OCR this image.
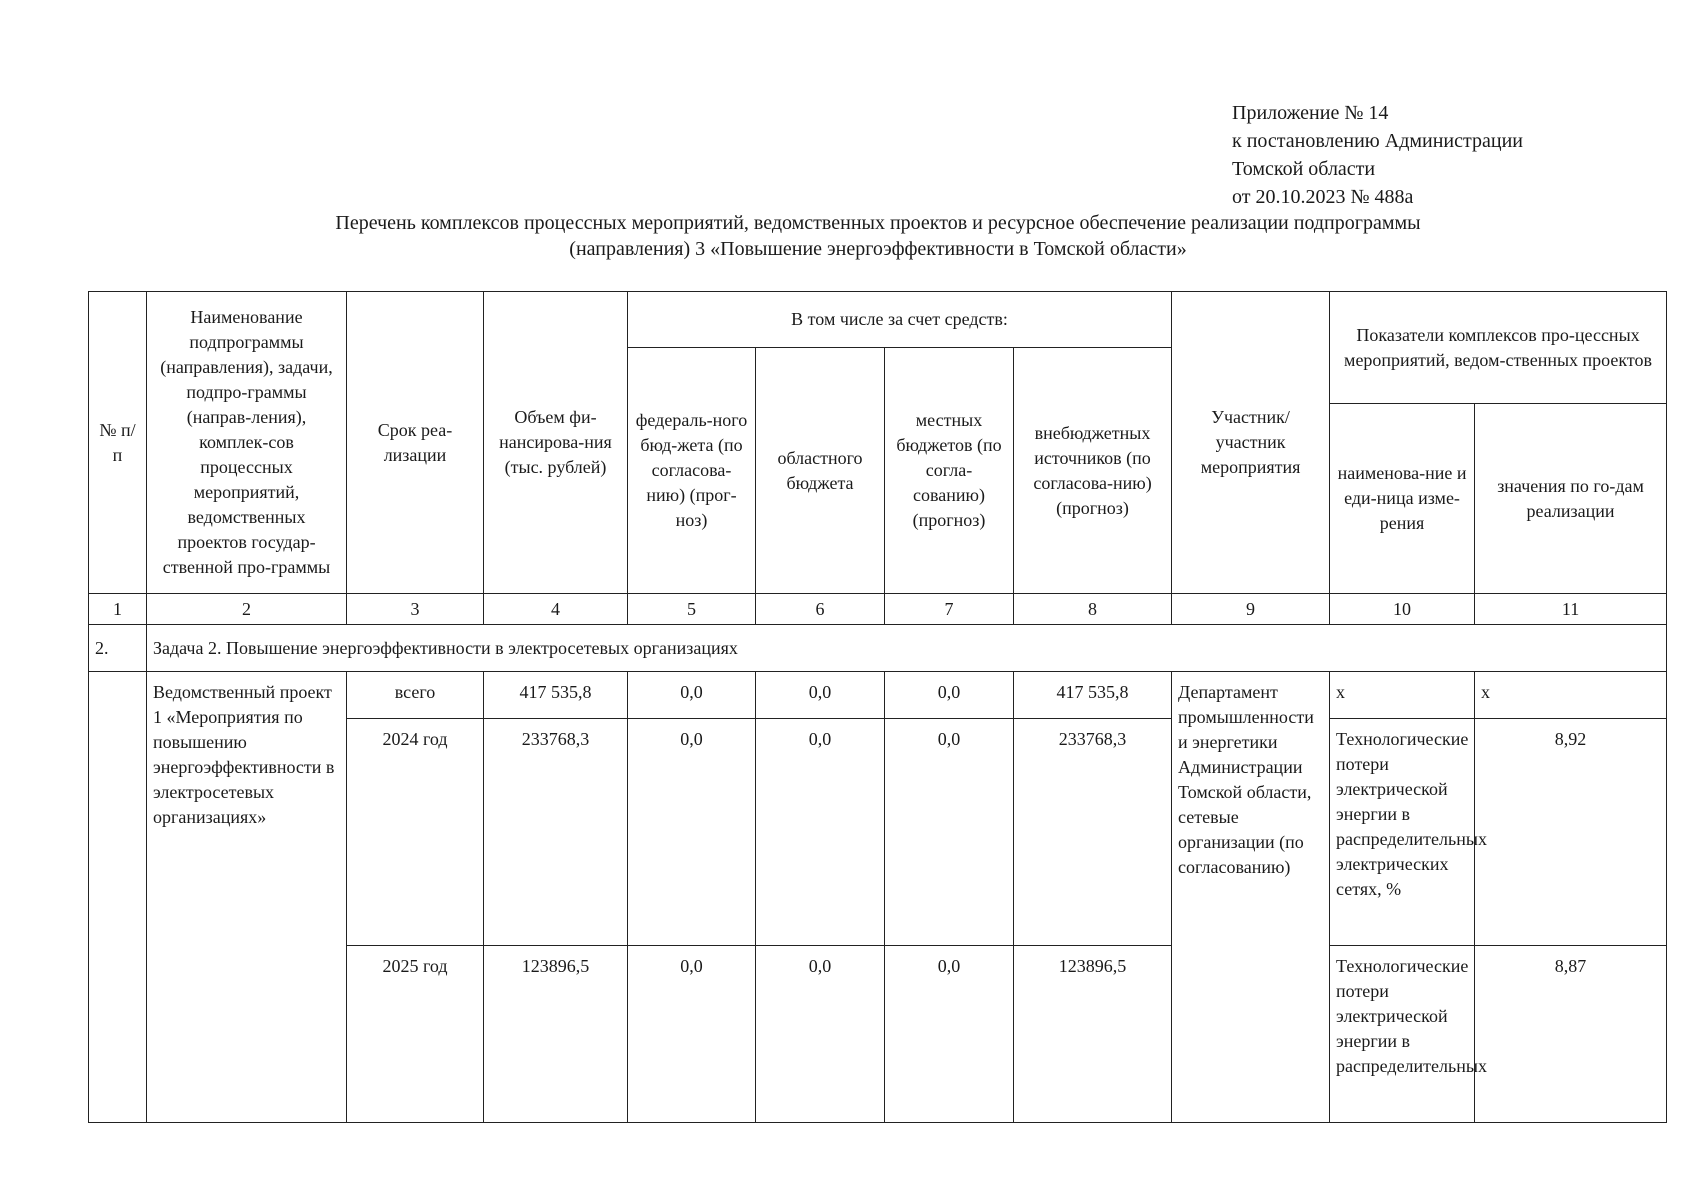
Приложение № 14
к постановлению Администрации
Томской области
от 20.10.2023 № 488а
Перечень комплексов процессных мероприятий, ведомственных проектов и ресурсное обеспечение реализации подпрограммы
(направления) 3 «Повышение энергоэффективности в Томской области»
№ п/п	Наименование подпрограммы (направления), задачи, подпро-граммы (направ-ления), комплек-сов процессных мероприятий, ведомственных проектов государ-ственной про-граммы	Срок реа-лизации	Объем фи-нансирова-ния (тыс. рублей)	В том числе за счет средств:				Участник/ участник мероприятия	Показатели комплексов про-цессных мероприятий, ведом-ственных проектов	

				федераль-ного бюд-жета (по согласова-нию) (прог-ноз)	областного бюджета	местных бюджетов (по согла-сованию) (прогноз)	внебюджетных источников (по согласова-нию) (прогноз)			

									наименова-ние и еди-ница изме-рения	значения по го-дам реализации

1	2	3	4	5	6	7	8	9	10	11

2.	Задача 2. Повышение энергоэффективности в электросетевых организациях									

	Ведомственный проект 1 «Мероприятия по повышению энергоэффективности в электросетевых организациях»	всего	417 535,8	0,0	0,0	0,0	417 535,8	Департамент промышленности и энергетики Администрации Томской области, сетевые организации (по согласованию)	x	x

		2024 год	233768,3	0,0	0,0	0,0	233768,3		Технологические потери электрической энергии в распределительных электрических сетях, %	8,92

		2025 год	123896,5	0,0	0,0	0,0	123896,5		Технологические потери электрической энергии в распределительных	8,87
